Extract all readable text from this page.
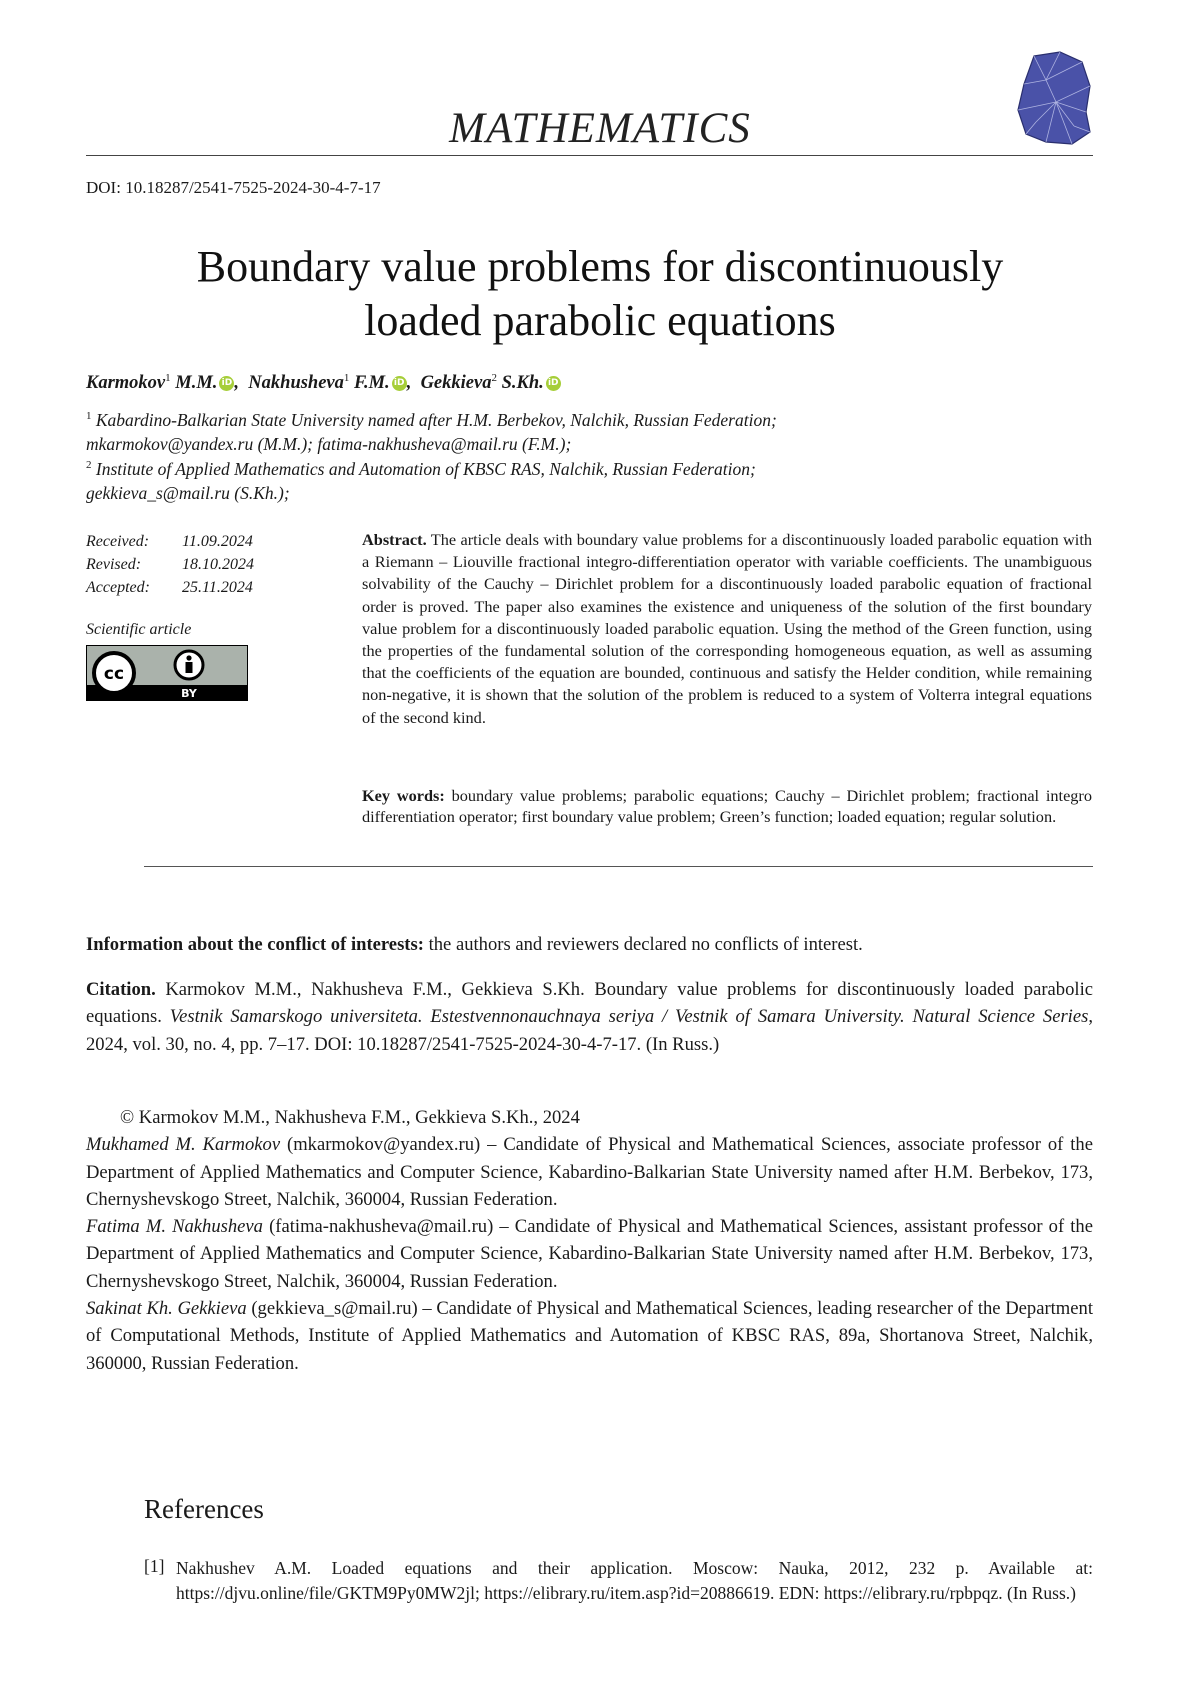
MATHEMATICS
DOI: 10.18287/2541-7525-2024-30-4-7-17
Boundary value problems for discontinuously
loaded parabolic equations
Karmokov$^1$ M.M. iD ,  Nakhusheva$^1$ F.M. iD ,  Gekkieva$^2$ S.Kh. iD
$^1$ Kabardino-Balkarian State University named after H.M. Berbekov, Nalchik, Russian Federation;
mkarmokov@yandex.ru (M.M.); fatima-nakhusheva@mail.ru (F.M.);
$^2$ Institute of Applied Mathematics and Automation of KBSC RAS, Nalchik, Russian Federation;
gekkieva_s@mail.ru (S.Kh.);
Received: 11.09.2024
Revised:	18.10.2024
Accepted: 25.11.2024
Scientific article
cc
BY
Abstract. The article deals with boundary value problems for a discontinuously loaded parabolic equation with a Riemann – Liouville fractional integro-differentiation operator with variable coefficients. The unambiguous solvability of the Cauchy – Dirichlet problem for a discontinuously loaded parabolic equation of fractional order is proved. The paper also examines the existence and uniqueness of the solution of the first boundary value problem for a discontinuously loaded parabolic equation. Using the method of the Green function, using the properties of the fundamental solution of the corresponding homogeneous equation, as well as assuming that the coefficients of the equation are bounded, continuous and satisfy the Helder condition, while remaining non-negative, it is shown that the solution of the problem is reduced to a system of Volterra integral equations of the second kind.
Key words: boundary value problems; parabolic equations; Cauchy – Dirichlet problem; fractional integro differentiation operator; first boundary value problem; Green’s function; loaded equation; regular solution.
Information about the conflict of interests: the authors and reviewers declared no conflicts of interest.
Citation. Karmokov M.M., Nakhusheva F.M., Gekkieva S.Kh. Boundary value problems for discontinuously loaded parabolic equations. Vestnik Samarskogo universiteta. Estestvennonauchnaya seriya / Vestnik of Samara University. Natural Science Series, 2024, vol. 30, no. 4, pp. 7–17. DOI: 10.18287/2541-7525-2024-30-4-7-17. (In Russ.)
© Karmokov M.M., Nakhusheva F.M., Gekkieva S.Kh., 2024
Mukhamed M. Karmokov (mkarmokov@yandex.ru) – Candidate of Physical and Mathematical Sciences, associate professor of the Department of Applied Mathematics and Computer Science, Kabardino-Balkarian State University named after H.M. Berbekov, 173, Chernyshevskogo Street, Nalchik, 360004, Russian Federation.
Fatima M. Nakhusheva (fatima-nakhusheva@mail.ru) – Candidate of Physical and Mathematical Sciences, assistant professor of the Department of Applied Mathematics and Computer Science, Kabardino-Balkarian State University named after H.M. Berbekov, 173, Chernyshevskogo Street, Nalchik, 360004, Russian Federation.
Sakinat Kh. Gekkieva (gekkieva_s@mail.ru) – Candidate of Physical and Mathematical Sciences, leading researcher of the Department of Computational Methods, Institute of Applied Mathematics and Automation of KBSC RAS, 89a, Shortanova Street, Nalchik, 360000, Russian Federation.
References
[1] Nakhushev A.M. Loaded equations and their application. Moscow: Nauka, 2012, 232 p. Available at: https://djvu.online/file/GKTM9Py0MW2jl; https://elibrary.ru/item.asp?id=20886619. EDN: https://elibrary.ru/rpbpqz. (In Russ.)
